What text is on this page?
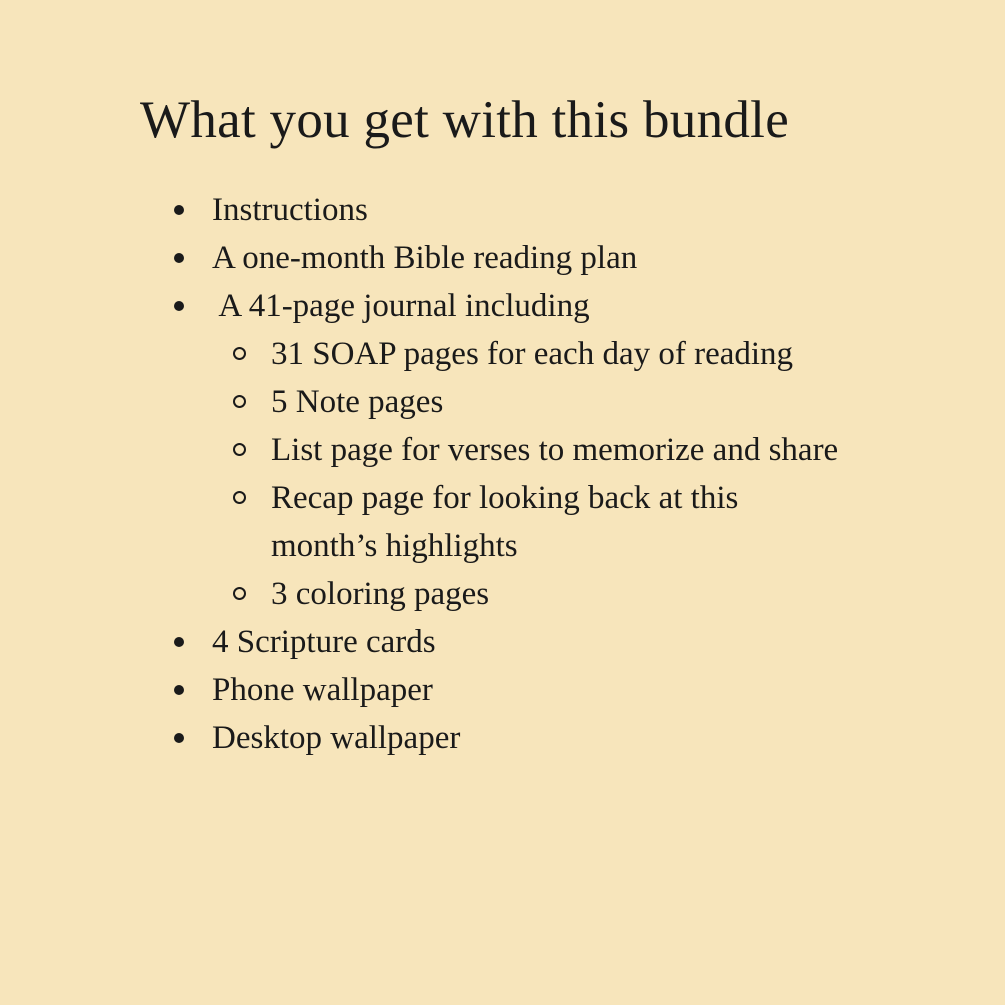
What you get with this bundle
Instructions
A one-month Bible reading plan
A 41-page journal including
31 SOAP pages for each day of reading
5 Note pages
List page for verses to memorize and share
Recap page for looking back at this month’s highlights
3 coloring pages
4 Scripture cards
Phone wallpaper
Desktop wallpaper
